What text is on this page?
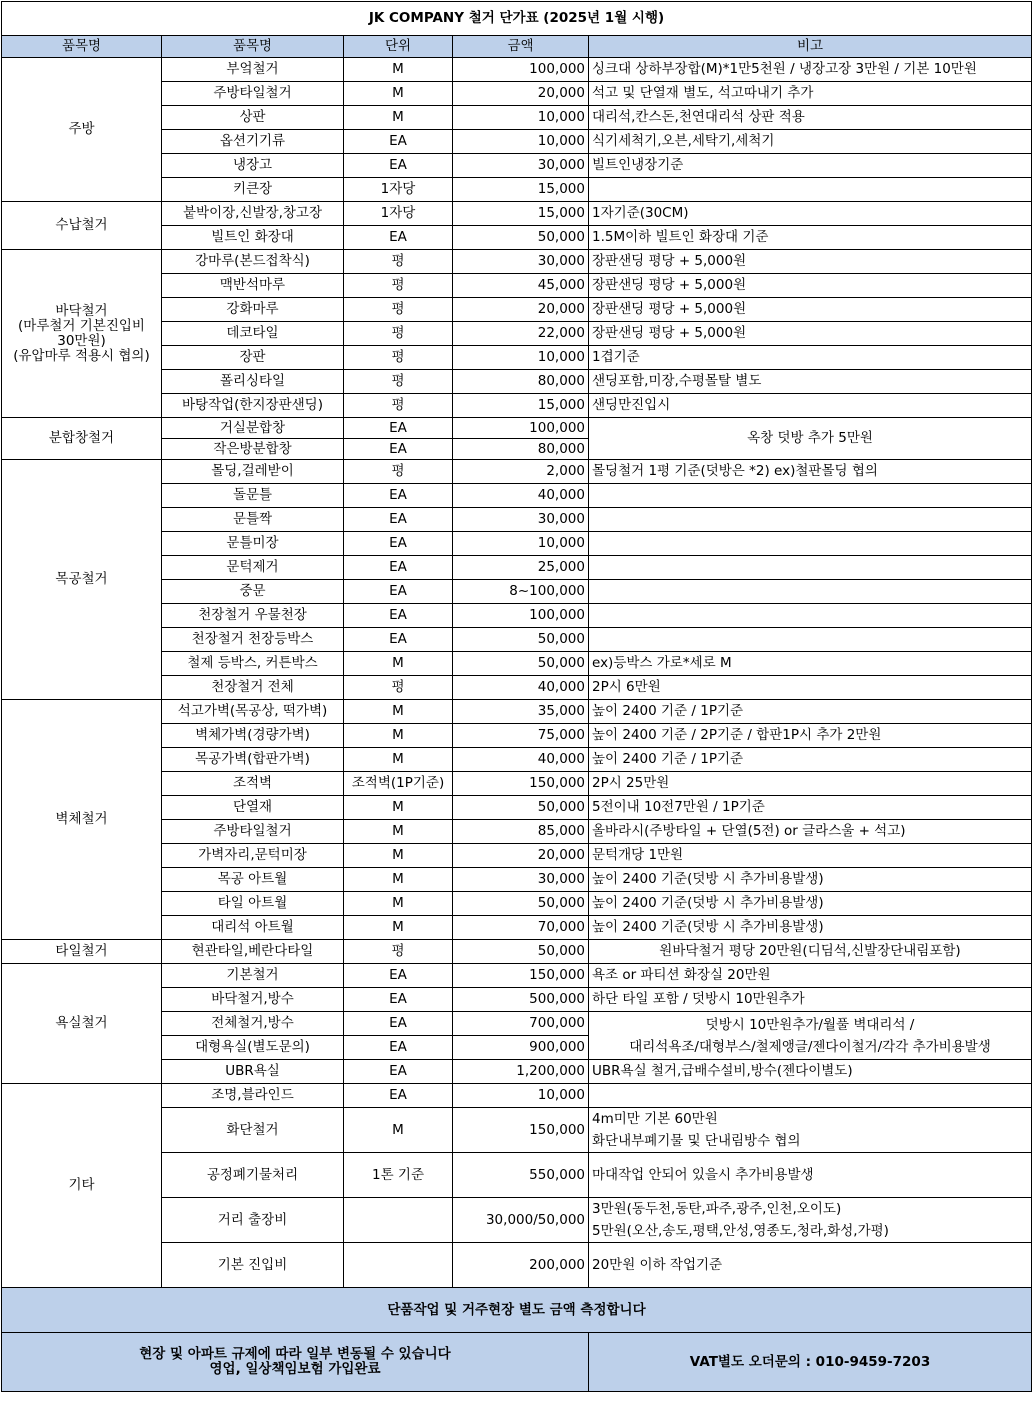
JK COMPANY 철거 단가표 (2025년 1월 시행)				
품목명	품목명	단위	금액	비고
주방	부엌철거	M	100,000	싱크대 상하부장합(M)*1만5천원 / 냉장고장 3만원 / 기본 10만원
	주방타일철거	M	20,000	석고 및 단열재 별도, 석고따내기 추가
	상판	M	10,000	대리석,칸스돈,천연대리석 상판 적용
	옵션기기류	EA	10,000	식기세척기,오븐,세탁기,세척기
	냉장고	EA	30,000	빌트인냉장기준
	키큰장	1자당	15,000	
수납철거	붙박이장,신발장,창고장	1자당	15,000	1자기준(30CM)
	빌트인 화장대	EA	50,000	1.5M이하 빌트인 화장대 기준

바닥철거
(마루철거 기본진입비
30만원)
(유압마루 적용시 협의)	강마루(본드접착식)	평	30,000	장판샌딩 평당 + 5,000원
	맥반석마루	평	45,000	장판샌딩 평당 + 5,000원
	강화마루	평	20,000	장판샌딩 평당 + 5,000원
	데코타일	평	22,000	장판샌딩 평당 + 5,000원
	장판	평	10,000	1겹기준
	폴리싱타일	평	80,000	샌딩포함,미장,수평몰탈 별도
	바탕작업(한지장판샌딩)	평	15,000	샌딩만진입시
분합창철거	거실분합창	EA	100,000	옥창 덧방 추가 5만원
	작은방분합창	EA	80,000	
목공철거	몰딩,걸레받이	평	2,000	몰딩철거 1평 기준(덧방은 *2) ex)철판몰딩 협의
	돌문틀	EA	40,000	
	문틀짝	EA	30,000	
	문틀미장	EA	10,000	
	문턱제거	EA	25,000	
	중문	EA	8~100,000	
	천장철거 우물천장	EA	100,000	
	천장철거 천장등박스	EA	50,000	
	철제 등박스, 커튼박스	M	50,000	ex)등박스 가로*세로 M
	천장철거 전체	평	40,000	2P시 6만원
벽체철거	석고가벽(목공상, 떡가벽)	M	35,000	높이 2400 기준 / 1P기준
	벽체가벽(경량가벽)	M	75,000	높이 2400 기준 / 2P기준 / 합판1P시 추가 2만원
	목공가벽(합판가벽)	M	40,000	높이 2400 기준 / 1P기준
	조적벽	조적벽(1P기준)	150,000	2P시 25만원
	단열재	M	50,000	5전이내 10전7만원 / 1P기준
	주방타일철거	M	85,000	올바라시(주방타일 + 단열(5전) or 글라스울 + 석고)
	가벽자리,문턱미장	M	20,000	문턱개당 1만원
	목공 아트월	M	30,000	높이 2400 기준(덧방 시 추가비용발생)
	타일 아트월	M	50,000	높이 2400 기준(덧방 시 추가비용발생)
	대리석 아트월	M	70,000	높이 2400 기준(덧방 시 추가비용발생)
타일철거	현관타일,베란다타일	평	50,000	원바닥철거 평당 20만원(디딤석,신발장단내림포함)
욕실철거	기본철거	EA	150,000	욕조 or 파티션 화장실 20만원
	바닥철거,방수	EA	500,000	하단 타일 포함 / 덧방시 10만원추가
	전체철거,방수	EA	700,000	덧방시 10만원추가/월풀 벽대리석 /
대리석욕조/대형부스/철제앵글/젠다이철거/각각 추가비용발생

	대형욕실(별도문의)	EA	900,000	
	UBR욕실	EA	1,200,000	UBR욕실 철거,급배수설비,방수(젠다이별도)
기타	조명,블라인드	EA	10,000	
	화단철거	M	150,000	4m미만 기본 60만원
화단내부폐기물 및 단내림방수 협의

	공정폐기물처리	1톤 기준	550,000	마대작업 안되어 있을시 추가비용발생
	거리 출장비		30,000/50,000	3만원(동두천,동탄,파주,광주,인천,오이도)
5만원(오산,송도,평택,안성,영종도,청라,화성,가평)

	기본 진입비		200,000	20만원 이하 작업기준
단품작업 및 거주현장 별도 금액 측정합니다				

현장 및 아파트 규제에 따라 일부 변동될 수 있습니다
영업, 일상책임보험 가입완료				VAT별도 오더문의 : 010-9459-7203
